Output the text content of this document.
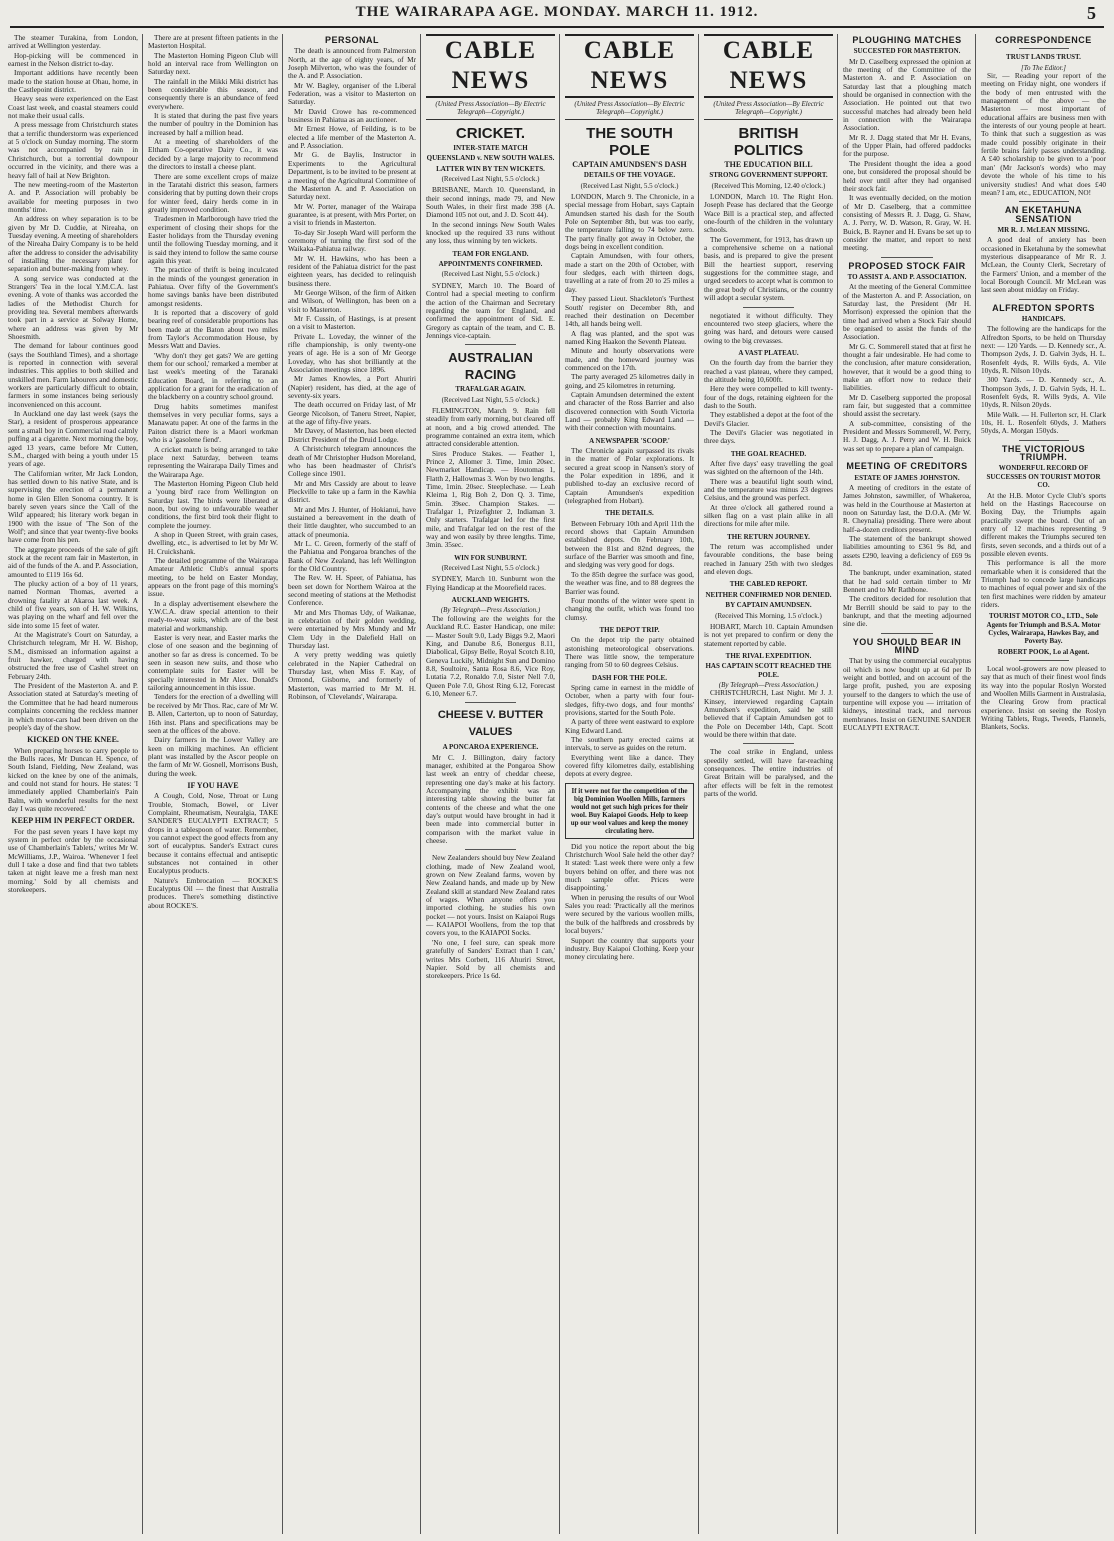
THE WAIRARAPA AGE. MONDAY. MARCH 11. 1912.	5

The steamer Turakina, from London, arrived at Wellington yesterday.

Hop-picking will be commenced in earnest in the Nelson district to-day.

Important additions have recently been made to the station house at Ohau, home, in the Castlepoint district.

Heavy seas were experienced on the East Coast last week, and coastal steamers could not make their usual calls.

A press message from Christchurch states that a terrific thunderstorm was experienced at 5 o'clock on Sunday morning. The storm was not accompanied by rain in Christchurch, but a torrential downpour occurred in the vicinity, and there was a heavy fall of hail at New Brighton.

The new meeting-room of the Masterton A. and P. Association will probably be available for meeting purposes in two months' time.

An address on whey separation is to be given by Mr D. Cuddie, at Nireaha, on Tuesday evening. A meeting of shareholders of the Nireaha Dairy Company is to be held after the address to consider the advisability of installing the necessary plant for separation and butter-making from whey.

A song service was conducted at the Strangers' Tea in the local Y.M.C.A. last evening. A vote of thanks was accorded the ladies of the Methodist Church for providing tea. Several members afterwards took part in a service at Solway Home, where an address was given by Mr Shoesmith.

The demand for labour continues good (says the Southland Times), and a shortage is reported in connection with several industries. This applies to both skilled and unskilled men. Farm labourers and domestic workers are particularly difficult to obtain, farmers in some instances being seriously inconvenienced on this account.

In Auckland one day last week (says the Star), a resident of prosperous appearance sent a small boy in Commercial road calmly puffing at a cigarette. Next morning the boy, aged 13 years, came before Mr Cutten, S.M., charged with being a youth under 15 years of age.

The Californian writer, Mr Jack London, has settled down to his native State, and is supervising the erection of a permanent home in Glen Ellen Sonoma country. It is barely seven years since the 'Call of the Wild' appeared; his literary work began in 1900 with the issue of 'The Son of the Wolf'; and since that year twenty-five books have come from his pen.

The aggregate proceeds of the sale of gift stock at the recent ram fair in Masterton, in aid of the funds of the A. and P. Association, amounted to £119 16s 6d.

The plucky action of a boy of 11 years, named Norman Thomas, averted a drowning fatality at Akaroa last week. A child of five years, son of H. W. Wilkins, was playing on the wharf and fell over the side into some 15 feet of water.

At the Magistrate's Court on Saturday, a Christchurch telegram, Mr H. W. Bishop, S.M., dismissed an information against a fruit hawker, charged with having obstructed the free use of Cashel street on February 24th.

The President of the Masterton A. and P. Association stated at Saturday's meeting of the Committee that he had heard numerous complaints concerning the reckless manner in which motor-cars had been driven on the people's day of the show.

KICKED ON THE KNEE.

When preparing horses to carry people to the Bulls races, Mr Duncan H. Spence, of South Island, Fielding, New Zealand, was kicked on the knee by one of the animals, and could not stand for hours. He states: 'I immediately applied Chamberlain's Pain Balm, with wonderful results for the next day I was quite recovered.'

KEEP HIM IN PERFECT ORDER.

For the past seven years I have kept my system in perfect order by the occasional use of Chamberlain's Tablets,' writes Mr W. McWilliams, J.P., Wairoa. 'Whenever I feel dull I take a dose and find that two tablets taken at night leave me a fresh man next morning.' Sold by all chemists and storekeepers.

There are at present fifteen patients in the Masterton Hospital.

The Masterton Homing Pigeon Club will hold an interval race from Wellington on Saturday next.

The rainfall in the Mikki Miki district has been considerable this season, and consequently there is an abundance of feed everywhere.

It is stated that during the past five years the number of poultry in the Dominion has increased by half a million head.

At a meeting of shareholders of the Eltham Co-operative Dairy Co., it was decided by a large majority to recommend the directors to install a cheese plant.

There are some excellent crops of maize in the Taratahi district this season, farmers considering that by putting down their crops for winter feed, dairy herds come in in greatly improved condition.

Tradesmen in Marlborough have tried the experiment of closing their shops for the Easter holidays from the Thursday evening until the following Tuesday morning, and it is said they intend to follow the same course again this year.

The practice of thrift is being inculcated in the minds of the youngest generation in Pahiatua. Over fifty of the Government's home savings banks have been distributed amongst residents.

It is reported that a discovery of gold bearing reef of considerable proportions has been made at the Baton about two miles from Taylor's Accommodation House, by Messrs Watt and Davies.

'Why don't they get gats? We are getting them for our school,' remarked a member at last week's meeting of the Taranaki Education Board, in referring to an application for a grant for the eradication of the blackberry on a country school ground.

Drug habits sometimes manifest themselves in very peculiar forms, says a Manawatu paper. At one of the farms in the Paiton district there is a Maori workman who is a 'gasolene fiend'.

A cricket match is being arranged to take place next Saturday, between teams representing the Wairarapa Daily Times and the Wairarapa Age.

The Masterton Homing Pigeon Club held a 'young bird' race from Wellington on Saturday last. The birds were liberated at noon, but owing to unfavourable weather conditions, the first bird took their flight to complete the journey.

A shop in Queen Street, with grain cases, dwelling, etc., is advertised to let by Mr W. H. Cruickshank.

The detailed programme of the Wairarapa Amateur Athletic Club's annual sports meeting, to be held on Easter Monday, appears on the front page of this morning's issue.

In a display advertisement elsewhere the Y.W.C.A. draw special attention to their ready-to-wear suits, which are of the best material and workmanship.

Easter is very near, and Easter marks the close of one season and the beginning of another so far as dress is concerned. To be seen in season new suits, and those who contemplate suits for Easter will be specially interested in Mr Alex. Donald's tailoring announcement in this issue.

Tenders for the erection of a dwelling will be received by Mr Thos. Rac, care of Mr W. B. Allen, Carterton, up to noon of Saturday, 16th inst. Plans and specifications may be seen at the offices of the above.

Dairy farmers in the Lower Valley are keen on milking machines. An efficient plant was installed by the Ascor people on the farm of Mr W. Gosnell, Morrisons Bush, during the week.

IF YOU HAVE

A Cough, Cold, Nose, Throat or Lung Trouble, Stomach, Bowel, or Liver Complaint, Rheumatism, Neuralgia, TAKE SANDER'S EUCALYPTI EXTRACT; 5 drops in a tablespoon of water. Remember, you cannot expect the good effects from any sort of eucalyptus. Sander's Extract cures because it contains effectual and antiseptic substances not contained in other Eucalyptus products.

Nature's Embrocation — ROCKE'S Eucalyptus Oil — the finest that Australia produces. There's something distinctive about ROCKE'S.

PERSONAL

The death is announced from Palmerston North, at the age of eighty years, of Mr Joseph Milverton, who was the founder of the A. and P. Association.

Mr W. Bagley, organiser of the Liberal Federation, was a visitor to Masterton on Saturday.

Mr David Crowe has re-commenced business in Pahiatua as an auctioneer.

Mr Ernest Howe, of Feilding, is to be elected a life member of the Masterton A. and P. Association.

Mr G. de Baylis, Instructor in Experiments to the Agricultural Department, is to be invited to be present at a meeting of the Agricultural Committee of the Masterton A. and P. Association on Saturday next.

Mr W. Porter, manager of the Wairapa guarantee, is at present, with Mrs Porter, on a visit to friends in Masterton.

To-day Sir Joseph Ward will perform the ceremony of turning the first sod of the Waikaka-Pahiatua railway.

Mr W. H. Hawkins, who has been a resident of the Pahiatua district for the past eighteen years, has decided to relinquish business there.

Mr George Wilson, of the firm of Aitken and Wilson, of Wellington, has been on a visit to Masterton.

Mr F. Cussin, of Hastings, is at present on a visit to Masterton.

Private L. Loveday, the winner of the rifle championship, is only twenty-one years of age. He is a son of Mr George Loveday, who has shot brilliantly at the Association meetings since 1896.

Mr James Knowles, a Port Ahuriri (Napier) resident, has died, at the age of seventy-six years.

The death occurred on Friday last, of Mr George Nicolson, of Taneru Street, Napier, at the age of fifty-five years.

Mr Davey, of Masterton, has been elected District President of the Druid Lodge.

A Christchurch telegram announces the death of Mr Christopher Hudson Moreland, who has been headmaster of Christ's College since 1901.

Mr and Mrs Cassidy are about to leave Pleckville to take up a farm in the Kawhia district.

Mr and Mrs J. Hunter, of Hokianui, have sustained a bereavement in the death of their little daughter, who succumbed to an attack of pneumonia.

Mr L. C. Green, formerly of the staff of the Pahiatua and Pongaroa branches of the Bank of New Zealand, has left Wellington for the Old Country.

The Rev. W. H. Speer, of Pahiatua, has been set down for Northern Wairoa at the second meeting of stations at the Methodist Conference.

Mr and Mrs Thomas Udy, of Waikanae, in celebration of their golden wedding, were entertained by Mrs Mundy and Mr Clem Udy in the Dalefield Hall on Thursday last.

A very pretty wedding was quietly celebrated in the Napier Cathedral on Thursday last, when Miss F. Kay, of Ormond, Gisborne, and formerly of Masterton, was married to Mr M. H. Robinson, of 'Clevelands', Wairarapa.

CABLE NEWS
(United Press Association—By Electric Telegraph—Copyright.)
CRICKET.
INTER-STATE MATCH
QUEENSLAND v. NEW SOUTH WALES.
LATTER WIN BY TEN WICKETS.
(Received Last Night, 5.5 o'clock.)

BRISBANE, March 10. Queensland, in their second innings, made 79, and New South Wales, in their first made 398 (A. Diamond 105 not out, and J. D. Scott 44).

In the second innings New South Wales knocked up the required 33 runs without any loss, thus winning by ten wickets.

TEAM FOR ENGLAND.
APPOINTMENTS CONFIRMED.
(Received Last Night, 5.5 o'clock.)

SYDNEY, March 10. The Board of Control had a special meeting to confirm the action of the Chairman and Secretary regarding the team for England, and confirmed the appointment of Sid. E. Gregory as captain of the team, and C. B. Jennings vice-captain.

AUSTRALIAN RACING
TRAFALGAR AGAIN.
(Received Last Night, 5.5 o'clock.)

FLEMINGTON, March 9. Rain fell steadily from early morning, but cleared off at noon, and a big crowd attended. The programme contained an extra item, which attracted considerable attention.

Sires Produce Stakes. — Feather 1, Prince 2, Allomer 3. Time, 1min 20sec. Newmarket Handicap. — Houtomas 1, Flatth 2, Hallowmas 3. Won by two lengths. Time, 1min. 20sec. Steeplechase. — Leah Kleima 1, Rig Boh 2, Don Q. 3. Time, 5min. 39sec. Champion Stakes. — Trafalgar 1, Prizefighter 2, Indiaman 3. Only starters. Trafalgar led for the first mile, and Trafalgar led on the rest of the way and won easily by three lengths. Time, 3min. 35sec.

WIN FOR SUNBURNT.
(Received Last Night, 5.5 o'clock.)

SYDNEY, March 10. Sunburnt won the Flying Handicap at the Moorefield races.

AUCKLAND WEIGHTS.
(By Telegraph—Press Association.)

The following are the weights for the Auckland R.C. Easter Handicap, one mile: — Master Soult 9.0, Lady Biggs 9.2, Maori King, and Danube 8.6, Bonergus 8.11, Diabolical, Gipsy Belle, Royal Scotch 8.10, Geneva Luckily, Midnight Sun and Domino 8.8, Soultoire, Santa Rosa 8.6, Vice Roy, Lutatia 7.2, Ronaldo 7.0, Sister Nell 7.0, Queen Pole 7.0, Ghost Ring 6.12, Forecast 6.10, Meneer 6.7.

CHEESE V. BUTTER VALUES
A PONCAROA EXPERIENCE.

Mr C. J. Billington, dairy factory manager, exhibited at the Pongaroa Show last week an entry of cheddar cheese, representing one day's make at his factory. Accompanying the exhibit was an interesting table showing the butter fat contents of the cheese and what the one day's output would have brought in had it been made into commercial butter in comparison with the market value in cheese.

New Zealanders should buy New Zealand clothing, made of New Zealand wool, grown on New Zealand farms, woven by New Zealand hands, and made up by New Zealand skill at standard New Zealand rates of wages. When anyone offers you imported clothing, he studies his own pocket — not yours. Insist on Kaiapoi Rugs — KAIAPOI Woollens, from the top that covers you, to the KAIAPOI Socks.

'No one, I feel sure, can speak more gratefully of Sanders' Extract than I can,' writes Mrs Corbett, 116 Ahuriri Street, Napier. Sold by all chemists and storekeepers. Price 1s 6d.

CABLE NEWS
(United Press Association—By Electric Telegraph—Copyright.)
THE SOUTH POLE
CAPTAIN AMUNDSEN'S DASH
DETAILS OF THE VOYAGE.
(Received Last Night, 5.5 o'clock.)

LONDON, March 9. The Chronicle, in a special message from Hobart, says Captain Amundsen started his dash for the South Pole on September 8th, but was too early, the temperature falling to 74 below zero. The party finally got away in October, the dogs being in excellent condition.

Captain Amundsen, with four others, made a start on the 20th of October, with four sledges, each with thirteen dogs, travelling at a rate of from 20 to 25 miles a day.

They passed Lieut. Shackleton's 'Furthest South' register on December 8th, and reached their destination on December 14th, all hands being well.

A flag was planted, and the spot was named King Haakon the Seventh Plateau.

Minute and hourly observations were made, and the homeward journey was commenced on the 17th.

The party averaged 25 kilometres daily in going, and 25 kilometres in returning.

Captain Amundsen determined the extent and character of the Ross Barrier and also discovered connection with South Victoria Land — probably King Edward Land — with their connection with mountains.

A NEWSPAPER 'SCOOP.'

The Chronicle again surpassed its rivals in the matter of Polar explorations. It secured a great scoop in Nansen's story of the Polar expedition in 1896, and it published to-day an exclusive record of Captain Amundsen's expedition (telegraphed from Hobart).

THE DETAILS.

Between February 10th and April 11th the record shows that Captain Amundsen established depots. On February 10th, between the 81st and 82nd degrees, the surface of the Barrier was smooth and fine, and sledging was very good for dogs.

To the 85th degree the surface was good, the weather was fine, and to 88 degrees the Barrier was found.

Four months of the winter were spent in changing the outfit, which was found too clumsy.

THE DEPOT TRIP.

On the depot trip the party obtained astonishing meteorological observations. There was little snow, the temperature ranging from 50 to 60 degrees Celsius.

DASH FOR THE POLE.

Spring came in earnest in the middle of October, when a party with four four-sledges, fifty-two dogs, and four months' provisions, started for the South Pole.

A party of three went eastward to explore King Edward Land.

The southern party erected cairns at intervals, to serve as guides on the return.

Everything went like a dance. They covered fifty kilometres daily, establishing depots at every degree.

If it were not for the competition of the big Dominion Woollen Mills, farmers would not get such high prices for their wool. Buy Kaiapoi Goods. Help to keep up our wool values and keep the money circulating here.

Did you notice the report about the big Christchurch Wool Sale held the other day? It stated: 'Last week there were only a few buyers behind on offer, and there was not much sample offer. Prices were disappointing.'

When in perusing the results of our Wool Sales you read: 'Practically all the merinos were secured by the various woollen mills, the bulk of the halfbreds and crossbreds by local buyers.'

Support the country that supports your industry. Buy Kaiapoi Clothing. Keep your money circulating here.

CABLE NEWS
(United Press Association—By Electric Telegraph—Copyright.)
BRITISH POLITICS
THE EDUCATION BILL
STRONG GOVERNMENT SUPPORT.
(Received This Morning, 12.40 o'clock.)

LONDON, March 10. The Right Hon. Joseph Pease has declared that the George Wace Bill is a practical step, and affected one-fourth of the children in the voluntary schools.

The Government, for 1913, has drawn up a comprehensive scheme on a national basis, and is prepared to give the present Bill the heartiest support, reserving suggestions for the committee stage, and urged seceders to accept what is common to the great body of Christians, or the country will adopt a secular system.

negotiated it without difficulty. They encountered two steep glaciers, where the going was hard, and detours were caused owing to the big crevasses.

A VAST PLATEAU.

On the fourth day from the barrier they reached a vast plateau, where they camped, the altitude being 10,600ft.

Here they were compelled to kill twenty-four of the dogs, retaining eighteen for the dash to the South.

They established a depot at the foot of the Devil's Glacier.

The Devil's Glacier was negotiated in three days.

THE GOAL REACHED.

After five days' easy travelling the goal was sighted on the afternoon of the 14th.

There was a beautiful light south wind, and the temperature was minus 23 degrees Celsius, and the ground was perfect.

At three o'clock all gathered round a silken flag on a vast plain alike in all directions for mile after mile.

THE RETURN JOURNEY.

The return was accomplished under favourable conditions, the base being reached in January 25th with two sledges and eleven dogs.

THE CABLED REPORT.
NEITHER CONFIRMED NOR DENIED.
BY CAPTAIN AMUNDSEN.
(Received This Morning, 1.5 o'clock.)

HOBART, March 10. Captain Amundsen is not yet prepared to confirm or deny the statement reported by cable.

THE RIVAL EXPEDITION.
HAS CAPTAIN SCOTT REACHED THE POLE.
(By Telegraph—Press Association.)

CHRISTCHURCH, Last Night. Mr J. J. Kinsey, interviewed regarding Captain Amundsen's expedition, said he still believed that if Captain Amundsen got to the Pole on December 14th, Capt. Scott would be there within that date.

The coal strike in England, unless speedily settled, will have far-reaching consequences. The entire industries of Great Britain will be paralysed, and the after effects will be felt in the remotest parts of the world.

PLOUGHING MATCHES
SUCCESTED FOR MASTERTON.

Mr D. Caselberg expressed the opinion at the meeting of the Committee of the Masterton A. and P. Association on Saturday last that a ploughing match should be organised in connection with the Association. He pointed out that two successful matches had already been held in connection with the Wairarapa Association.

Mr R. J. Dagg stated that Mr H. Evans, of the Upper Plain, had offered paddocks for the purpose.

The President thought the idea a good one, but considered the proposal should be held over until after they had organised their stock fair.

It was eventually decided, on the motion of Mr D. Caselberg, that a committee consisting of Messrs R. J. Dagg, G. Shaw, A. J. Perry, W. D. Watson, R. Gray, W. H. Buick, B. Rayner and H. Evans be set up to consider the matter, and report to next meeting.

PROPOSED STOCK FAIR
TO ASSIST A. AND P. ASSOCIATION.

At the meeting of the General Committee of the Masterton A. and P. Association, on Saturday last, the President (Mr H. Morrison) expressed the opinion that the time had arrived when a Stock Fair should be organised to assist the funds of the Association.

Mr G. C. Sommerell stated that at first he thought a fair undesirable. He had come to the conclusion, after mature consideration, however, that it would be a good thing to make an effort now to reduce their liabilities.

Mr D. Caselberg supported the proposal ram fair, but suggested that a committee should assist the secretary.

A sub-committee, consisting of the President and Messrs Sommerell, W. Perry, H. J. Dagg, A. J. Perry and W. H. Buick was set up to prepare a plan of campaign.

MEETING OF CREDITORS
ESTATE OF JAMES JOHNSTON.

A meeting of creditors in the estate of James Johnston, sawmiller, of Whakeroa, was held in the Courthouse at Masterton at noon on Saturday last, the D.O.A. (Mr W. R. Cheynalia) presiding. There were about half-a-dozen creditors present.

The statement of the bankrupt showed liabilities amounting to £361 9s 8d, and assets £290, leaving a deficiency of £69 9s 8d.

The bankrupt, under examination, stated that he had sold certain timber to Mr Bennett and to Mr Rathbone.

The creditors decided for resolution that Mr Berrill should be said to pay to the bankrupt, and that the meeting adjourned sine die.

YOU SHOULD BEAR IN MIND

That by using the commercial eucalyptus oil which is now bought up at 6d per lb weight and bottled, and on account of the large profit, pushed, you are exposing yourself to the dangers to which the use of turpentine will expose you — irritation of kidneys, intestinal track, and nervous membranes. Insist on GENUINE SANDER EUCALYPTI EXTRACT.

CORRESPONDENCE
TRUST LANDS TRUST.
[To The Editor.]

Sir, — Reading your report of the meeting on Friday night, one wonders if the body of men entrusted with the management of the above — the Masterton — most important of educational affairs are business men with the interests of our young people at heart. To think that such a suggestion as was made could possibly originate in their fertile brains fairly passes understanding. A £40 scholarship to be given to a 'poor man' (Mr Jackson's words) who may devote the whole of his time to his university studies! And what does £40 mean? I am, etc., EDUCATION, NO!

AN EKETAHUNA SENSATION
MR R. J. McLEAN MISSING.

A good deal of anxiety has been occasioned in Eketahuna by the somewhat mysterious disappearance of Mr R. J. McLean, the County Clerk, Secretary of the Farmers' Union, and a member of the local Borough Council. Mr McLean was last seen about midday on Friday.

ALFREDTON SPORTS
HANDICAPS.

The following are the handicaps for the Alfredton Sports, to be held on Thursday next: — 120 Yards. — D. Kennedy scr., A. Thompson 2yds, J. D. Galvin 3yds, H. L. Rosenfelt 4yds, R. Wills 6yds, A. Vile 10yds, R. Nilson 10yds.

300 Yards. — D. Kennedy scr., A. Thompson 3yds, J. D. Galvin 5yds, H. L. Rosenfelt 6yds, R. Wills 9yds, A. Vile 10yds, R. Nilson 20yds.

Mile Walk. — H. Fullerton scr, H. Clark 10s, H. L. Rosenfelt 60yds, J. Mathers 50yds, A. Morgan 150yds.

THE VICTORIOUS TRIUMPH.
WONDERFUL RECORD OF SUCCESSES ON TOURIST MOTOR CO.

At the H.B. Motor Cycle Club's sports held on the Hastings Racecourse on Boxing Day, the Triumphs again practically swept the board. Out of an entry of 12 machines representing 9 different makes the Triumphs secured ten firsts, seven seconds, and a thirds out of a possible eleven events.

This performance is all the more remarkable when it is considered that the Triumph had to concede large handicaps to machines of equal power and six of the ten first machines were ridden by amateur riders.

TOURIST MOTOR CO., LTD., Sole Agents for Triumph and B.S.A. Motor Cycles, Wairarapa, Hawkes Bay, and Poverty Bay.
ROBERT POOK, Lo al Agent.

Local wool-growers are now pleased to say that as much of their finest wool finds its way into the popular Roslyn Worsted and Woollen Mills Garment in Australasia, the Clearing Grow from practical experience. Insist on seeing the Roslyn Writing Tablets, Rugs, Tweeds, Flannels, Blankets, Socks.
